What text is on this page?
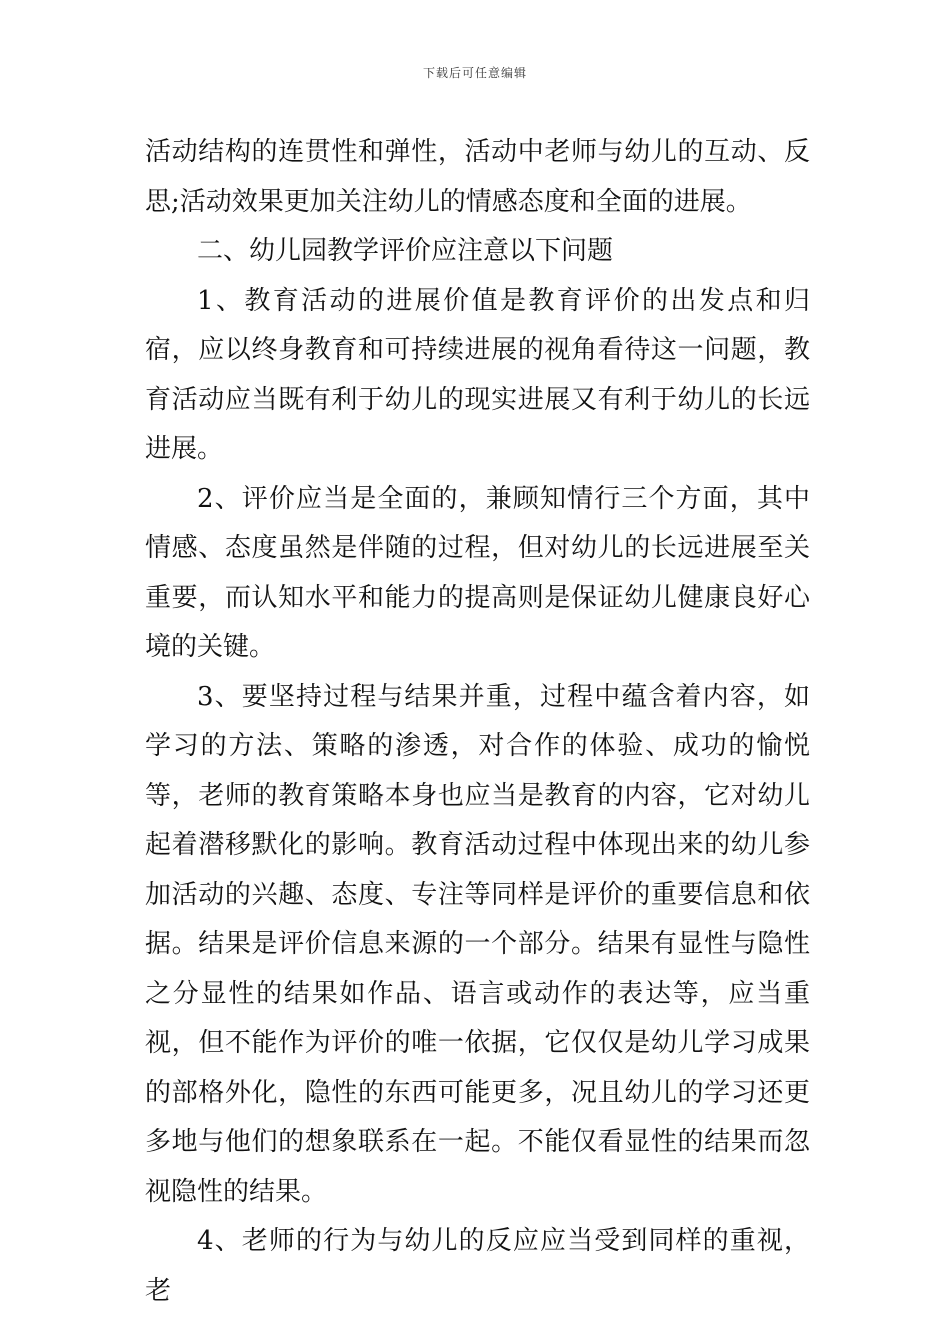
下载后可任意编辑

活动结构的连贯性和弹性，活动中老师与幼儿的互动、反思;活动效果更加关注幼儿的情感态度和全面的进展。

二、幼儿园教学评价应注意以下问题

1、教育活动的进展价值是教育评价的出发点和归宿，应以终身教育和可持续进展的视角看待这一问题，教育活动应当既有利于幼儿的现实进展又有利于幼儿的长远进展。

2、评价应当是全面的，兼顾知情行三个方面，其中情感、态度虽然是伴随的过程，但对幼儿的长远进展至关重要，而认知水平和能力的提高则是保证幼儿健康良好心境的关键。

3、要坚持过程与结果并重，过程中蕴含着内容，如学习的方法、策略的渗透，对合作的体验、成功的愉悦等，老师的教育策略本身也应当是教育的内容，它对幼儿起着潜移默化的影响。教育活动过程中体现出来的幼儿参加活动的兴趣、态度、专注等同样是评价的重要信息和依据。结果是评价信息来源的一个部分。结果有显性与隐性之分显性的结果如作品、语言或动作的表达等，应当重视，但不能作为评价的唯一依据，它仅仅是幼儿学习成果的部格外化，隐性的东西可能更多，况且幼儿的学习还更多地与他们的想象联系在一起。不能仅看显性的结果而忽视隐性的结果。

4、老师的行为与幼儿的反应应当受到同样的重视，老
